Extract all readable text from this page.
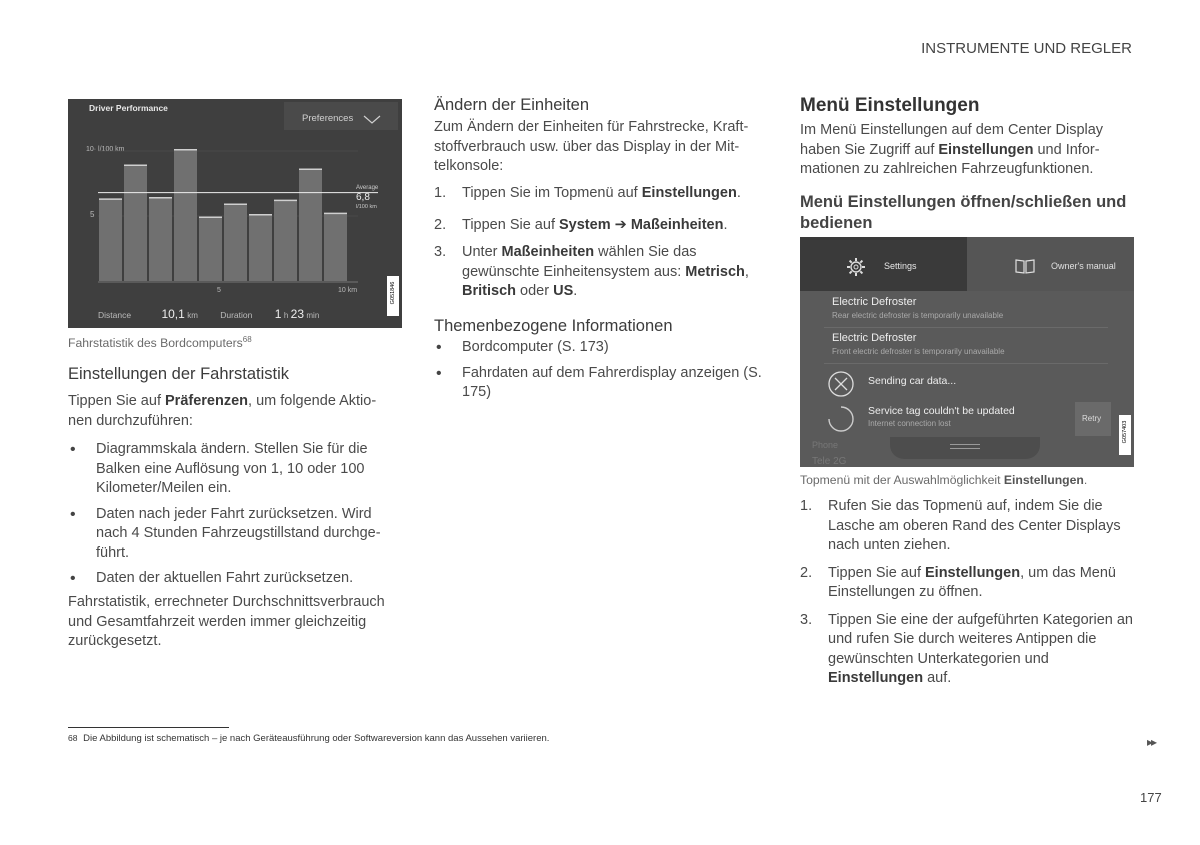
INSTRUMENTE UND REGLER
Driver Performance
Preferences
10· l/100 km
5
Average
6,8
l/100 km
5	10 km
Distance	10,1 km	Duration 1 h 23 min
G051846
Fahrstatistik des Bordcomputers$^{68}$
Einstellungen der Fahrstatistik
Tippen Sie auf Präferenzen, um folgende Aktio-nen durchzuführen:
• Diagrammskala ändern. Stellen Sie für die Balken eine Auflösung von 1, 10 oder 100 Kilometer/Meilen ein.
• Daten nach jeder Fahrt zurücksetzen. Wird nach 4 Stunden Fahrzeugstillstand durchge-führt.
• Daten der aktuellen Fahrt zurücksetzen.
Fahrstatistik, errechneter Durchschnittsverbrauch und Gesamtfahrzeit werden immer gleichzeitig zurückgesetzt.
Ändern der Einheiten
Zum Ändern der Einheiten für Fahrstrecke, Kraft-stoffverbrauch usw. über das Display in der Mit-telkonsole:
1. Tippen Sie im Topmenü auf Einstellungen.
2. Tippen Sie auf System ➔ Maßeinheiten.
3. Unter Maßeinheiten wählen Sie das gewünschte Einheitensystem aus: Metrisch, Britisch oder US.
Themenbezogene Informationen
• Bordcomputer (S. 173)
• Fahrdaten auf dem Fahrerdisplay anzeigen (S. 175)
Menü Einstellungen
Im Menü Einstellungen auf dem Center Display haben Sie Zugriff auf Einstellungen und Infor-mationen zu zahlreichen Fahrzeugfunktionen.
Menü Einstellungen öffnen/schließen und bedienen
Settings	Owner's manual
Electric Defroster
Rear electric defroster is temporarily unavailable
Electric Defroster
Front electric defroster is temporarily unavailable
Sending car data...
Service tag couldn't be updated
Internet connection lost
Retry
Phone
Tele 2G
G057403
Topmenü mit der Auswahlmöglichkeit Einstellungen.
1. Rufen Sie das Topmenü auf, indem Sie die Lasche am oberen Rand des Center Displays nach unten ziehen.
2. Tippen Sie auf Einstellungen, um das Menü Einstellungen zu öffnen.
3. Tippen Sie eine der aufgeführten Kategorien an und rufen Sie durch weiteres Antippen die gewünschten Unterkategorien und Einstellungen auf.
68 Die Abbildung ist schematisch – je nach Geräteausführung oder Softwareversion kann das Aussehen variieren.	▸▸
177
